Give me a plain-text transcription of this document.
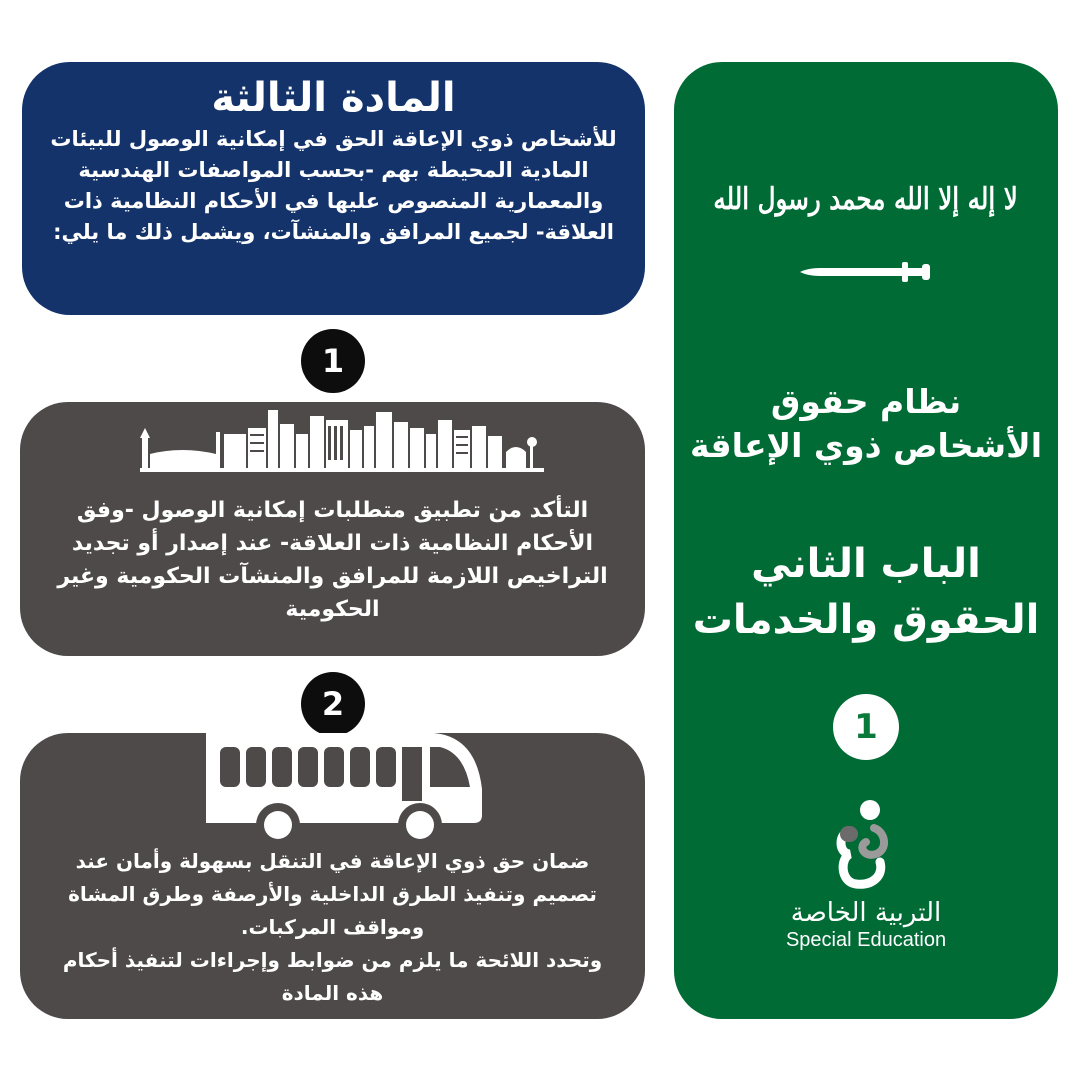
لا إله إلا الله محمد رسول الله
نظام حقوق
الأشخاص ذوي الإعاقة
الباب الثاني
الحقوق والخدمات
1
التربية الخاصة
Special Education
المادة الثالثة
للأشخاص ذوي الإعاقة الحق في إمكانية الوصول للبيئات المادية المحيطة بهم -بحسب المواصفات الهندسية والمعمارية المنصوص عليها في الأحكام النظامية ذات العلاقة- لجميع المرافق والمنشآت، ويشمل ذلك ما يلي:
1
التأكد من تطبيق متطلبات إمكانية الوصول -وفق الأحكام النظامية ذات العلاقة- عند إصدار أو تجديد التراخيص اللازمة للمرافق والمنشآت الحكومية وغير الحكومية
2
ضمان حق ذوي الإعاقة في التنقل بسهولة وأمان عند تصميم وتنفيذ الطرق الداخلية والأرصفة وطرق المشاة ومواقف المركبات.
وتحدد اللائحة ما يلزم من ضوابط وإجراءات لتنفيذ أحكام هذه المادة
